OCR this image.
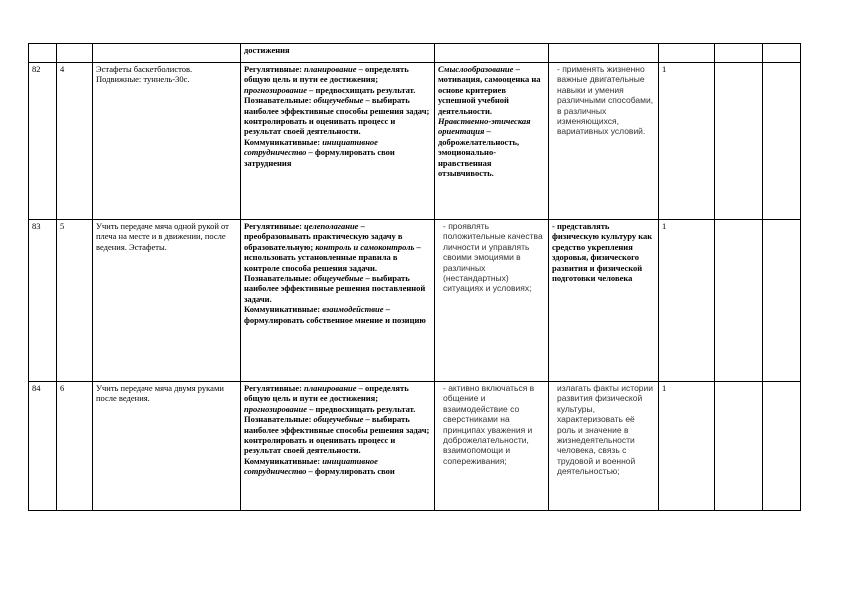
			достижения					
82	4	Эстафеты баскетболистов. Подвижные: туннель-30с.	Регулятивные: планирование – определять общую цель и пути ее достижения; прогнозирование – предвосхищать результат.
Познавательные: общеучебные – выбирать наиболее эффективные способы решения задач; контролировать и оценивать процесс и результат своей деятельности.
Коммуникативные: инициативное сотрудничество – формулировать свои затруднения	Смыслообразование – мотивация, самооценка на основе критериев успешной учебной деятельности.
Нравственно-этическая ориентация – доброжелательность, эмоционально-нравственная отзывчивость.	- применять жизненно важные двигательные навыки и умения различными способами, в различных изменяющихся, вариативных условий.	1		
83	5	Учить передаче мяча одной рукой от плеча на месте и в движении, после ведения. Эстафеты.	Регулятивные: целеполагание – преобразовывать практическую задачу в образовательную; контроль и самоконтроль – использовать установленные правила в контроле способа решения задачи.
Познавательные: общеучебные – выбирать наиболее эффективные решения поставленной задачи.
Коммуникативные: взаимодействие – формулировать собственное мнение и позицию	- проявлять положительные качества личности и управлять своими эмоциями в различных (нестандартных) ситуациях и условиях;	- представлять физическую культуру как средство укрепления здоровья, физического развития и физической подготовки человека	1		
84	6	Учить передаче мяча двумя руками после ведения.	Регулятивные: планирование – определять общую цель и пути ее достижения; прогнозирование – предвосхищать результат.
Познавательные: общеучебные – выбирать наиболее эффективные способы решения задач; контролировать и оценивать процесс и результат своей деятельности.
Коммуникативные: инициативное сотрудничество – формулировать свои	- активно включаться в общение и взаимодействие со сверстниками на принципах уважения и доброжелательности, взаимопомощи и сопереживания;	излагать факты истории развития физической культуры, характеризовать её роль и значение в жизнедеятельности человека, связь с трудовой и военной деятельностью;	1		
